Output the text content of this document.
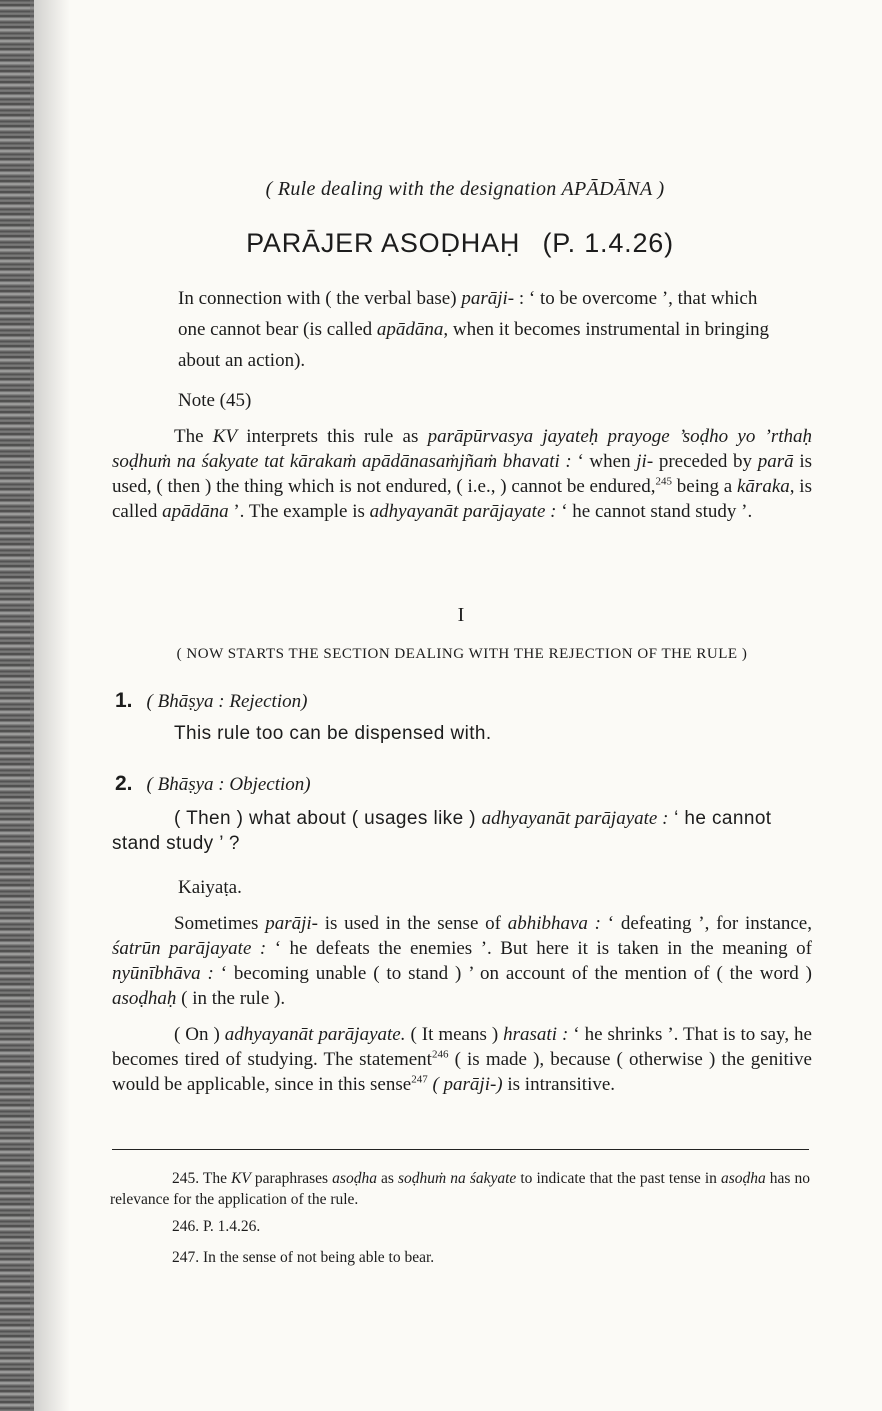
( Rule dealing with the designation APĀDĀNA )
PARĀJER ASOḌHAḤ (P. 1.4.26)

In connection with ( the verbal base) parāji- : ‘ to be overcome ’, that which one cannot bear (is called apādāna, when it becomes instrumental in bringing about an action).

Note (45)

The KV interprets this rule as parāpūrvasya jayateḥ prayoge ’soḍho yo ’rthaḥ soḍhuṁ na śakyate tat kārakaṁ apādānasaṁjñaṁ bhavati : ‘ when ji- preceded by parā is used, ( then ) the thing which is not endured, ( i.e., ) cannot be endured,$^{245}$ being a kāraka, is called apādāna ’. The example is adhyayanāt parājayate : ‘ he cannot stand study ’.

I
( NOW STARTS THE SECTION DEALING WITH THE REJECTION OF THE RULE )
1. ( Bhāṣya : Rejection)

This rule too can be dispensed with.

2. ( Bhāṣya : Objection)

( Then ) what about ( usages like ) adhyayanāt parājayate : ‘ he cannot stand study ’ ?

Kaiyaṭa.

Sometimes parāji- is used in the sense of abhibhava : ‘ defeating ’, for instance, śatrūn parājayate : ‘ he defeats the enemies ’. But here it is taken in the meaning of nyūnībhāva : ‘ becoming unable ( to stand ) ’ on account of the mention of ( the word ) asoḍhaḥ ( in the rule ).

( On ) adhyayanāt parājayate. ( It means ) hrasati : ‘ he shrinks ’. That is to say, he becomes tired of studying. The statement$^{246}$ ( is made ), because ( otherwise ) the genitive would be applicable, since in this sense$^{247}$ ( parāji-) is intransitive.

245. The KV paraphrases asoḍha as soḍhuṁ na śakyate to indicate that the past tense in asoḍha has no relevance for the application of the rule.

246. P. 1.4.26.

247. In the sense of not being able to bear.
